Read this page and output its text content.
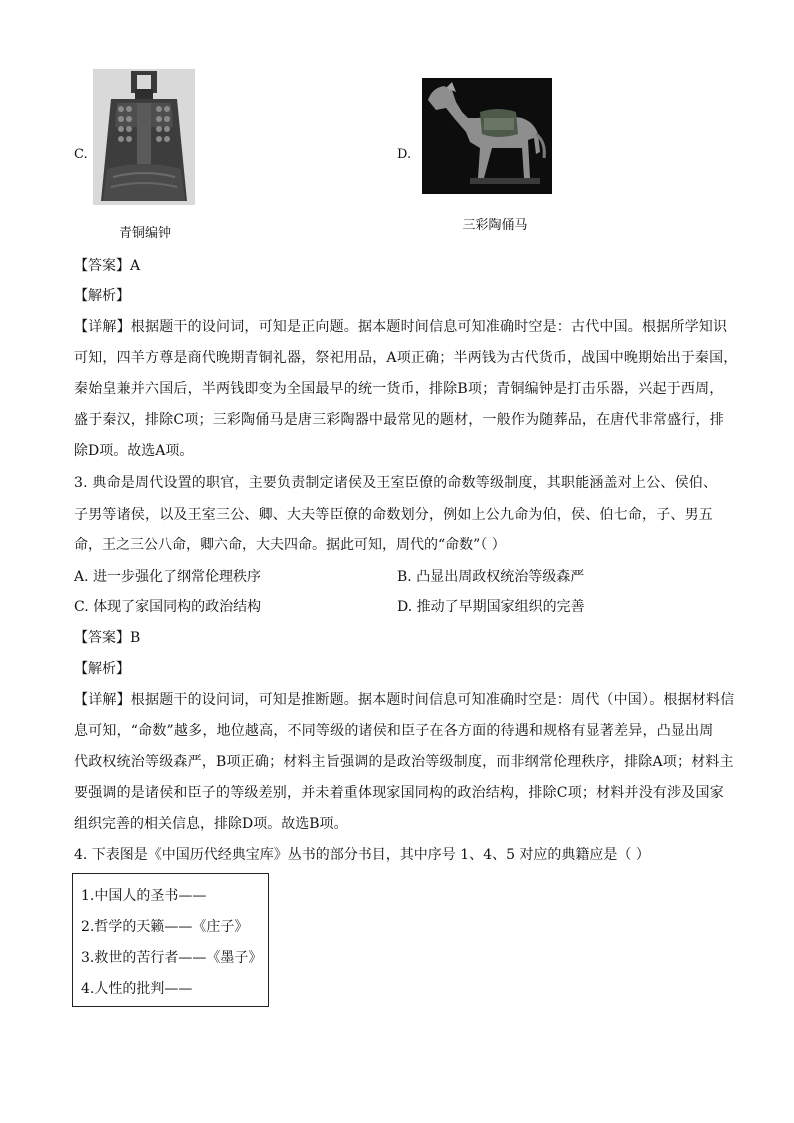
C.
青铜编钟
D.
三彩陶俑马
【答案】A
【解析】
【详解】根据题干的设问词，可知是正向题。据本题时间信息可知准确时空是：古代中国。根据所学知识
可知，四羊方尊是商代晚期青铜礼器，祭祀用品，A项正确；半两钱为古代货币，战国中晚期始出于秦国，
秦始皇兼并六国后，半两钱即变为全国最早的统一货币，排除B项；青铜编钟是打击乐器，兴起于西周，
盛于秦汉，排除C项；三彩陶俑马是唐三彩陶器中最常见的题材，一般作为随葬品，在唐代非常盛行，排
除D项。故选A项。
3. 典命是周代设置的职官，主要负责制定诸侯及王室臣僚的命数等级制度，其职能涵盖对上公、侯伯、
子男等诸侯，以及王室三公、卿、大夫等臣僚的命数划分，例如上公九命为伯，侯、伯七命，子、男五
命，王之三公八命，卿六命，大夫四命。据此可知，周代的“命数”（ ）
A. 进一步强化了纲常伦理秩序	B. 凸显出周政权统治等级森严
C. 体现了家国同构的政治结构	D. 推动了早期国家组织的完善
【答案】B
【解析】
【详解】根据题干的设问词，可知是推断题。据本题时间信息可知准确时空是：周代（中国）。根据材料信
息可知，“命数”越多，地位越高，不同等级的诸侯和臣子在各方面的待遇和规格有显著差异，凸显出周
代政权统治等级森严，B项正确；材料主旨强调的是政治等级制度，而非纲常伦理秩序，排除A项；材料主
要强调的是诸侯和臣子的等级差别，并未着重体现家国同构的政治结构，排除C项；材料并没有涉及国家
组织完善的相关信息，排除D项。故选B项。
4. 下表图是《中国历代经典宝库》丛书的部分书目，其中序号 1、4、5 对应的典籍应是（ ）
1.中国人的圣书——
2.哲学的天籁——《庄子》
3.救世的苦行者——《墨子》
4.人性的批判——
